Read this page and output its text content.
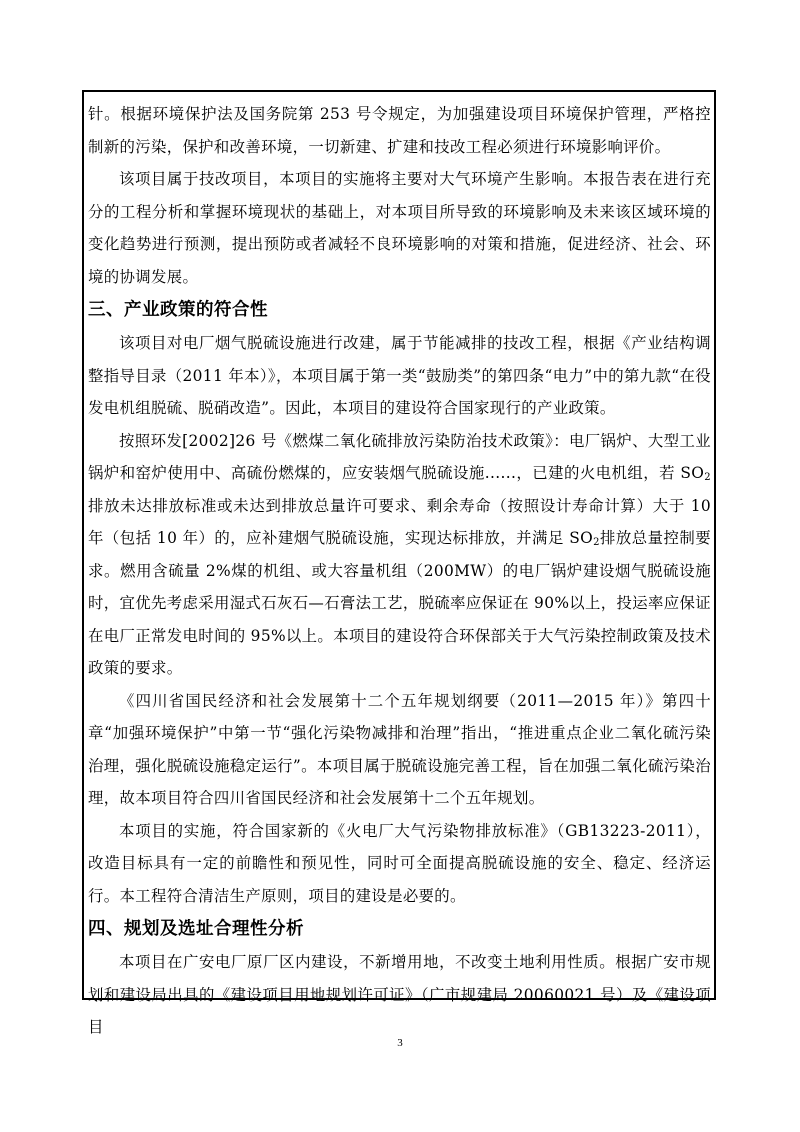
针。根据环境保护法及国务院第 253 号令规定，为加强建设项目环境保护管理，严格控制新的污染，保护和改善环境，一切新建、扩建和技改工程必须进行环境影响评价。

该项目属于技改项目，本项目的实施将主要对大气环境产生影响。本报告表在进行充分的工程分析和掌握环境现状的基础上，对本项目所导致的环境影响及未来该区域环境的变化趋势进行预测，提出预防或者减轻不良环境影响的对策和措施，促进经济、社会、环境的协调发展。

三、产业政策的符合性

该项目对电厂烟气脱硫设施进行改建，属于节能减排的技改工程，根据《产业结构调整指导目录（2011 年本）》，本项目属于第一类“鼓励类”的第四条“电力”中的第九款“在役发电机组脱硫、脱硝改造”。因此，本项目的建设符合国家现行的产业政策。

按照环发[2002]26 号《燃煤二氧化硫排放污染防治技术政策》：电厂锅炉、大型工业锅炉和窑炉使用中、高硫份燃煤的，应安装烟气脱硫设施......，已建的火电机组，若 $SO_2$排放未达排放标准或未达到排放总量许可要求、剩余寿命（按照设计寿命计算）大于 10 年（包括 10 年）的，应补建烟气脱硫设施，实现达标排放，并满足 $SO_2$排放总量控制要求。燃用含硫量 2%煤的机组、或大容量机组（200MW）的电厂锅炉建设烟气脱硫设施时，宜优先考虑采用湿式石灰石—石膏法工艺，脱硫率应保证在 90%以上，投运率应保证在电厂正常发电时间的 95%以上。本项目的建设符合环保部关于大气污染控制政策及技术政策的要求。

《四川省国民经济和社会发展第十二个五年规划纲要（2011—2015 年）》第四十章“加强环境保护”中第一节“强化污染物减排和治理”指出，“推进重点企业二氧化硫污染治理，强化脱硫设施稳定运行”。本项目属于脱硫设施完善工程，旨在加强二氧化硫污染治理，故本项目符合四川省国民经济和社会发展第十二个五年规划。

本项目的实施，符合国家新的《火电厂大气污染物排放标准》（GB13223-2011），改造目标具有一定的前瞻性和预见性，同时可全面提高脱硫设施的安全、稳定、经济运行。本工程符合清洁生产原则，项目的建设是必要的。

四、规划及选址合理性分析

本项目在广安电厂原厂区内建设，不新增用地，不改变土地利用性质。根据广安市规划和建设局出具的《建设项目用地规划许可证》（广市规建局 20060021 号）及《建设项目

3
